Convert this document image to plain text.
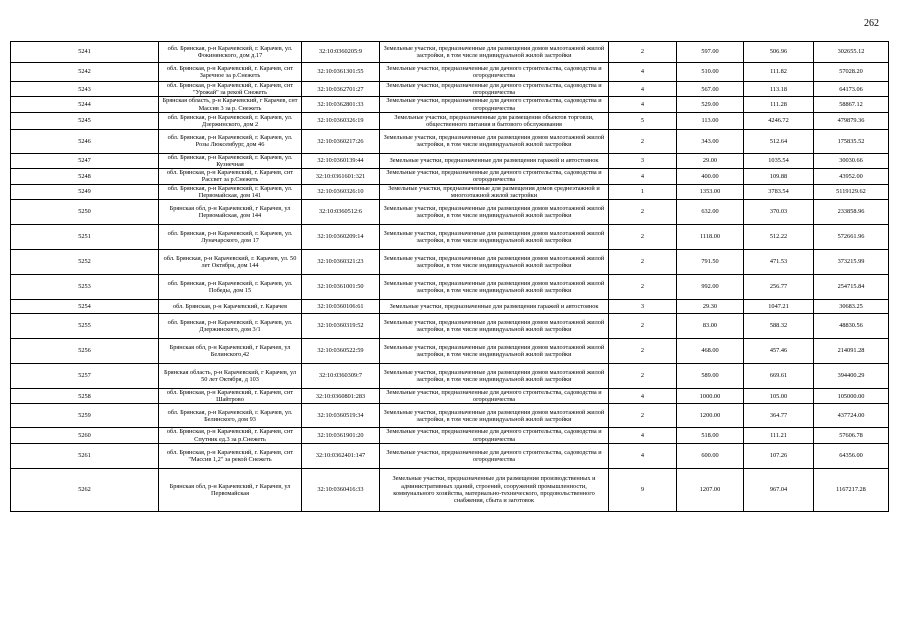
262
5241	обл. Брянская, р-н Карачевский, г. Карачев, ул. Фокинянского, дом д.17	32:10:0360205:9	Земельные участки, предназначенные для размещения домов малоэтажной жилой застройки, в том числе индивидуальной жилой застройки	2	597.00	506.96	302655.12
5242	обл. Брянская, р-н Карачевский, г. Карачев, снт Заречное за р.Снежеть	32:10:0361301:55	Земельные участки, предназначенные для дачного строительства, садоводства и огородничества	4	510.00	111.82	57028.20
5243	обл. Брянская, р-н Карачевский, г. Карачев, снт "Урожай" за рекой Снежеть	32:10:0362701:27	Земельные участки, предназначенные для дачного строительства, садоводства и огородничества	4	567.00	113.18	64173.06
5244	Брянская область, р-н Карачевский, г Карачев, снт Массив 3 за р. Снежеть	32:10:0362801:33	Земельные участки, предназначенные для дачного строительства, садоводства и огородничества	4	529.00	111.28	58867.12
5245	обл. Брянская, р-н Карачевский, г. Карачев, ул. Дзержинского, дом 2	32:10:0360326:19	Земельные участки, предназначенные для размещения объектов торговли, общественного питания и бытового обслуживания	5	113.00	4246.72	479879.36
5246	обл. Брянская, р-н Карачевский, г. Карачев, ул. Розы Люксембург, дом 46	32:10:0360217:26	Земельные участки, предназначенные для размещения домов малоэтажной жилой застройки, в том числе индивидуальной жилой застройки	2	343.00	512.64	175835.52
5247	обл. Брянская, р-н Карачевский, г. Карачев, ул. Кузнечная	32:10:0360139:44	Земельные участки, предназначенные для размещения гаражей и автостоянок	3	29.00	1035.54	30030.66
5248	обл. Брянская, р-н Карачевский, г. Карачев, снт Рассвет за р.Снежеть	32:10:0361601:321	Земельные участки, предназначенные для дачного строительства, садоводства и огородничества	4	400.00	109.88	43952.00
5249	обл. Брянская, р-н Карачевский, г. Карачев, ул. Первомайская, дом 141	32:10:0360326:10	Земельные участки, предназначенные для размещения домов среднеэтажной и многоэтажной жилой застройки	1	1353.00	3783.54	5119129.62
5250	Брянская обл, р-н Карачевский, г Карачев, ул Первомайская, дом 144	32:10:0360512:6	Земельные участки, предназначенные для размещения домов малоэтажной жилой застройки, в том числе индивидуальной жилой застройки	2	632.00	370.03	233858.96
5251	обл. Брянская, р-н Карачевский, г. Карачев, ул. Луначарского, дом 17	32:10:0360209:14	Земельные участки, предназначенные для размещения домов малоэтажной жилой застройки, в том числе индивидуальной жилой застройки	2	1118.00	512.22	572661.96
5252	обл. Брянская, р-н Карачевский, г. Карачев, ул. 50 лет Октября, дом 144	32:10:0360321:23	Земельные участки, предназначенные для размещения домов малоэтажной жилой застройки, в том числе индивидуальной жилой застройки	2	791.50	471.53	373215.99
5253	обл. Брянская, р-н Карачевский, г. Карачев, ул. Победы, дом 15	32:10:0361001:50	Земельные участки, предназначенные для размещения домов малоэтажной жилой застройки, в том числе индивидуальной жилой застройки	2	992.00	256.77	254715.84
5254	обл. Брянская, р-н Карачевский, г. Карачев	32:10:0360106:61	Земельные участки, предназначенные для размещения гаражей и автостоянок	3	29.30	1047.21	30683.25
5255	обл. Брянская, р-н Карачевский, г. Карачев, ул. Дзержинского, дом 3/1	32:10:0360319:52	Земельные участки, предназначенные для размещения домов малоэтажной жилой застройки, в том числе индивидуальной жилой застройки	2	83.00	588.32	48830.56
5256	Брянская обл, р-н Карачевский, г Карачев, ул Белинского,42	32:10:0360522:59	Земельные участки, предназначенные для размещения домов малоэтажной жилой застройки, в том числе индивидуальной жилой застройки	2	468.00	457.46	214091.28
5257	Брянская область, р-н Карачевский, г Карачев, ул 50 лет Октября, д 103	32:10:0360309:7	Земельные участки, предназначенные для размещения домов малоэтажной жилой застройки, в том числе индивидуальной жилой застройки	2	589.00	669.61	394400.29
5258	обл. Брянская, р-н Карачевский, г. Карачев, снт Шайтрово	32:10:0360801:283	Земельные участки, предназначенные для дачного строительства, садоводства и огородничества	4	1000.00	105.00	105000.00
5259	обл. Брянская, р-н Карачевский, г. Карачев, ул. Белинского, дом 93	32:10:0360519:34	Земельные участки, предназначенные для размещения домов малоэтажной жилой застройки, в том числе индивидуальной жилой застройки	2	1200.00	364.77	437724.00
5260	обл. Брянская, р-н Карачевский, г. Карачев, снт Спутник ед.3 за р.Снежеть	32:10:0361901:20	Земельные участки, предназначенные для дачного строительства, садоводства и огородничества	4	518.00	111.21	57606.78
5261	обл. Брянская, р-н Карачевский, г. Карачев, снт "Массив 1,2" за рекой Снежеть	32:10:0362401:147	Земельные участки, предназначенные для дачного строительства, садоводства и огородничества	4	600.00	107.26	64356.00
5262	Брянская обл, р-н Карачевский, г Карачев, ул Первомайская	32:10:0360416:33	Земельные участки, предназначенные для размещения производственных и административных зданий, строений, сооружений промышленности, коммунального хозяйства, материально-технического, продовольственного снабжения, сбыта и заготовок	9	1207.00	967.04	1167217.28
